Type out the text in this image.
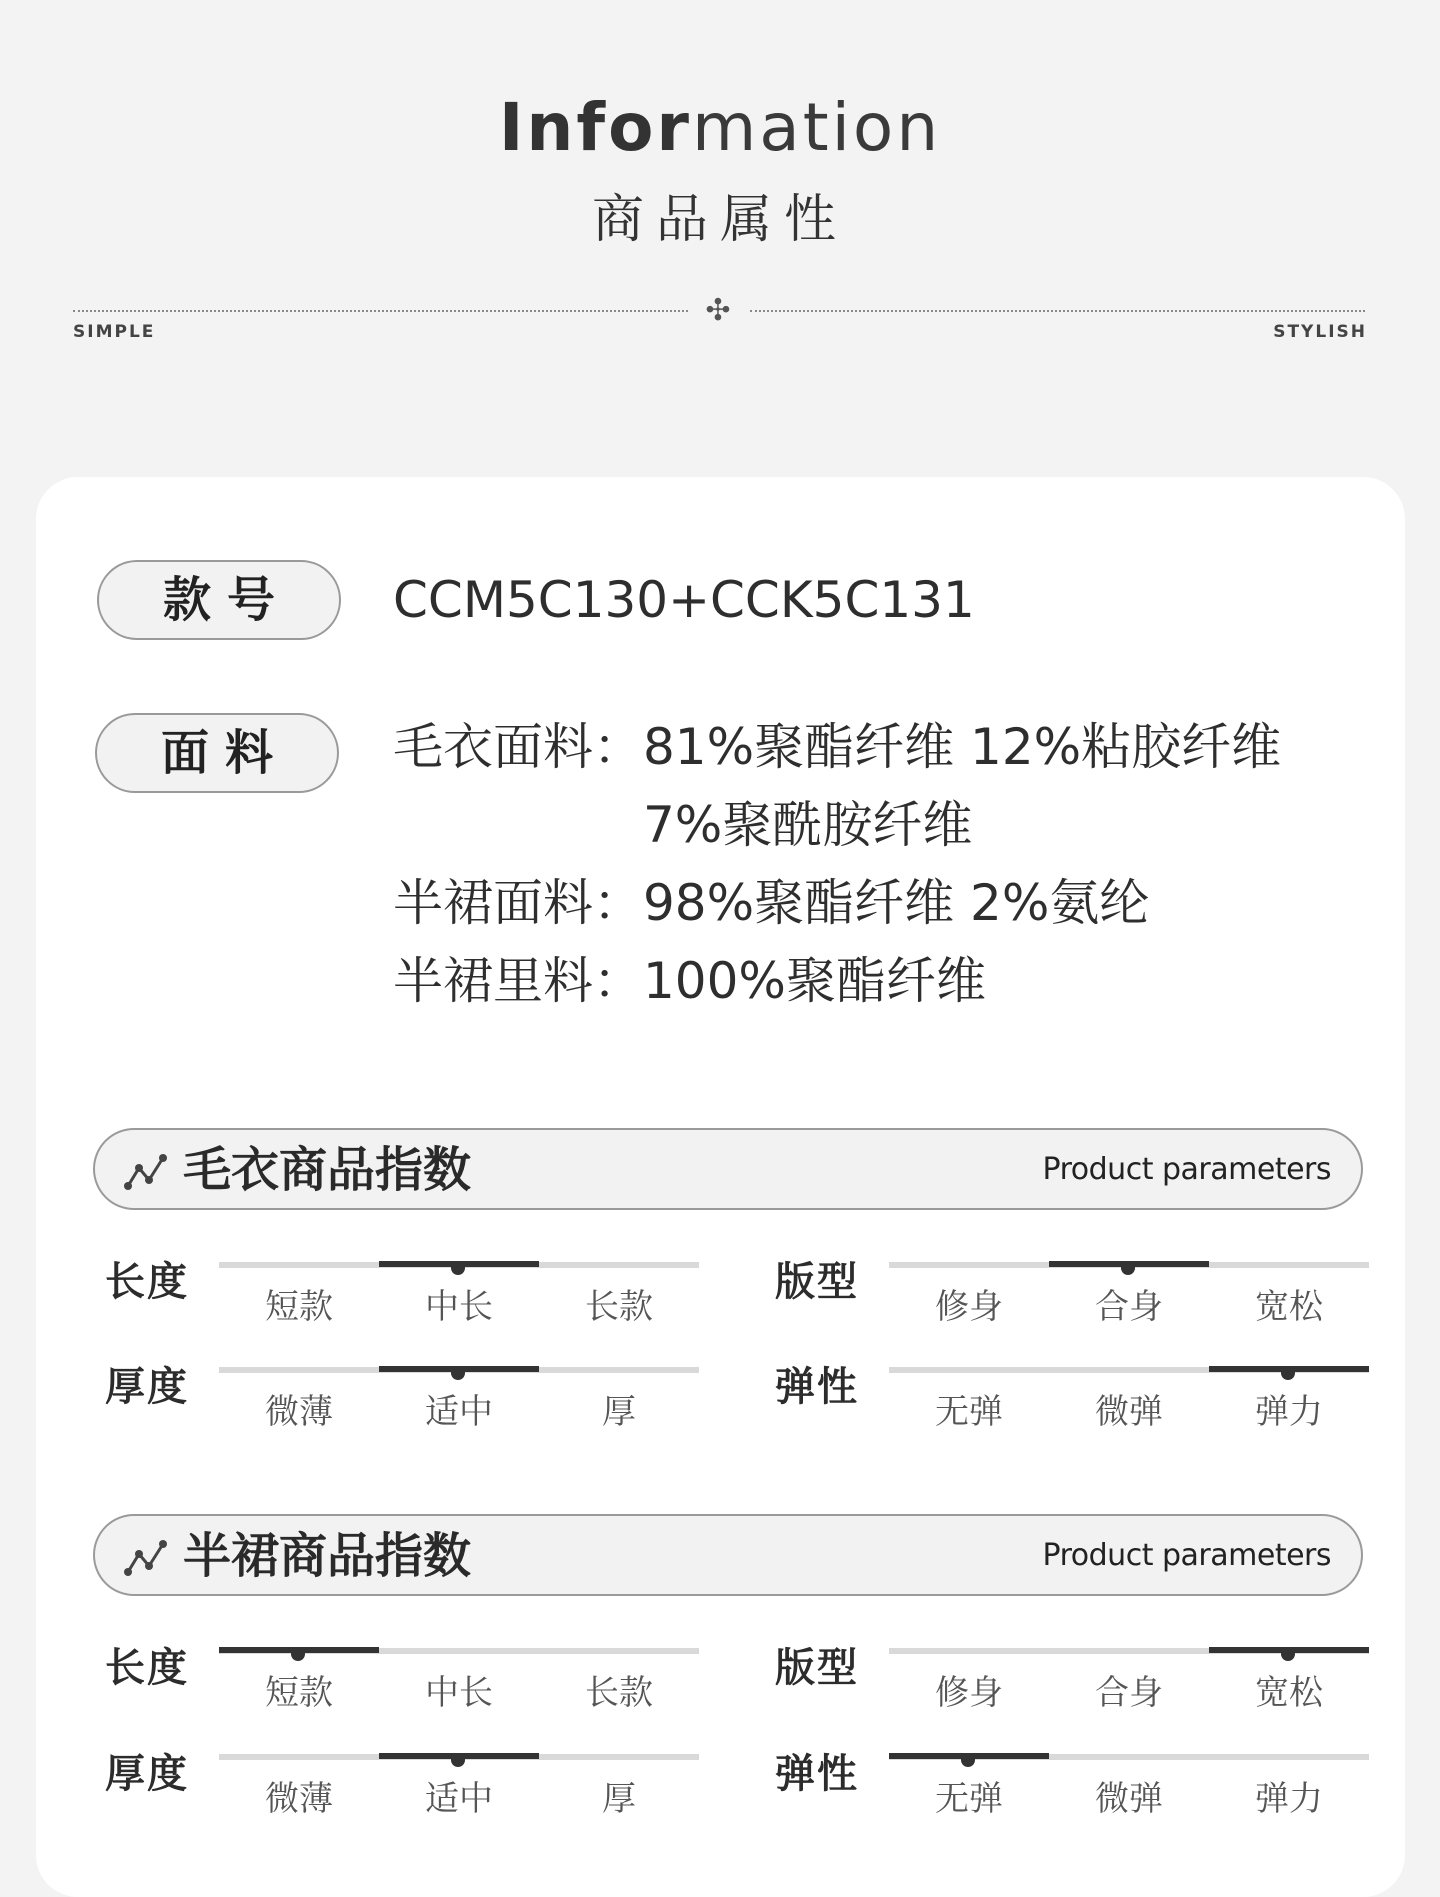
Information
商品属性
✣
SIMPLE	STYLISH
款号	CCM5C130+CCK5C131
面料	毛衣面料：81%聚酯纤维 12%粘胶纤维
7%聚酰胺纤维
半裙面料：98%聚酯纤维 2%氨纶
半裙里料：100%聚酯纤维
毛衣商品指数	Product parameters
长度
短款	中长	长款
版型
修身	合身	宽松
厚度
微薄	适中	厚
弹性
无弹	微弹	弹力
半裙商品指数	Product parameters
长度
短款	中长	长款
版型
修身	合身	宽松
厚度
微薄	适中	厚
弹性
无弹	微弹	弹力
